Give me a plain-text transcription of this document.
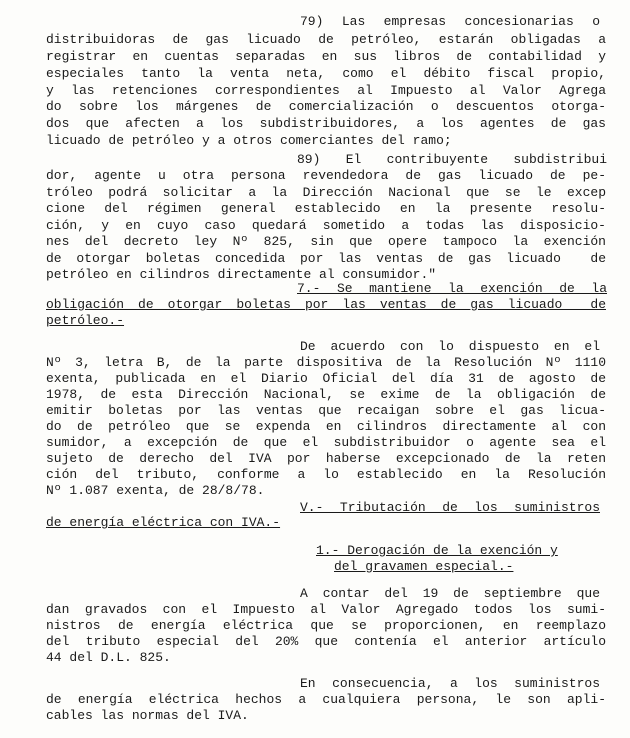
79) Las empresas concesionarias o
distribuidoras de gas licuado de petróleo, estarán obligadas a
registrar en cuentas separadas en sus libros de contabilidad y
especiales tanto la venta neta, como el débito fiscal propio,
y las retenciones correspondientes al Impuesto al Valor Agrega
do sobre los márgenes de comercialización o descuentos otorga-
dos que afecten a los subdistribuidores, a los agentes de gas
licuado de petróleo y a otros comerciantes del ramo;
89) El contribuyente subdistribui
dor, agente u otra persona revendedora de gas licuado de pe-
tróleo podrá solicitar a la Dirección Nacional que se le excep
cione del régimen general establecido en la presente resolu-
ción, y en cuyo caso quedará sometido a todas las disposicio-
nes del decreto ley Nº 825, sin que opere tampoco la exención
de otorgar boletas concedida por las ventas de gas licuado  de
petróleo en cilindros directamente al consumidor."
7.- Se mantiene la exención de la
obligación de otorgar boletas por las ventas de gas licuado  de
petróleo.-
De acuerdo con lo dispuesto en el
Nº 3, letra B, de la parte dispositiva de la Resolución Nº 1110
exenta, publicada en el Diario Oficial del día 31 de agosto de
1978, de esta Dirección Nacional, se exime de la obligación de
emitir boletas por las ventas que recaigan sobre el gas licua-
do de petróleo que se expenda en cilindros directamente al con
sumidor, a excepción de que el subdistribuidor o agente sea el
sujeto de derecho del IVA por haberse excepcionado de la reten
ción del tributo, conforme a lo establecido en la Resolución
Nº 1.087 exenta, de 28/8/78.
V.- Tributación de los suministros
de energía eléctrica con IVA.-
1.- Derogación de la exención y
del gravamen especial.-
A contar del 19 de septiembre que
dan gravados con el Impuesto al Valor Agregado todos los sumi-
nistros de energía eléctrica que se proporcionen, en reemplazo
del tributo especial del 20% que contenía el anterior artículo
44 del D.L. 825.
En consecuencia, a los suministros
de energía eléctrica hechos a cualquiera persona, le son apli-
cables las normas del IVA.
